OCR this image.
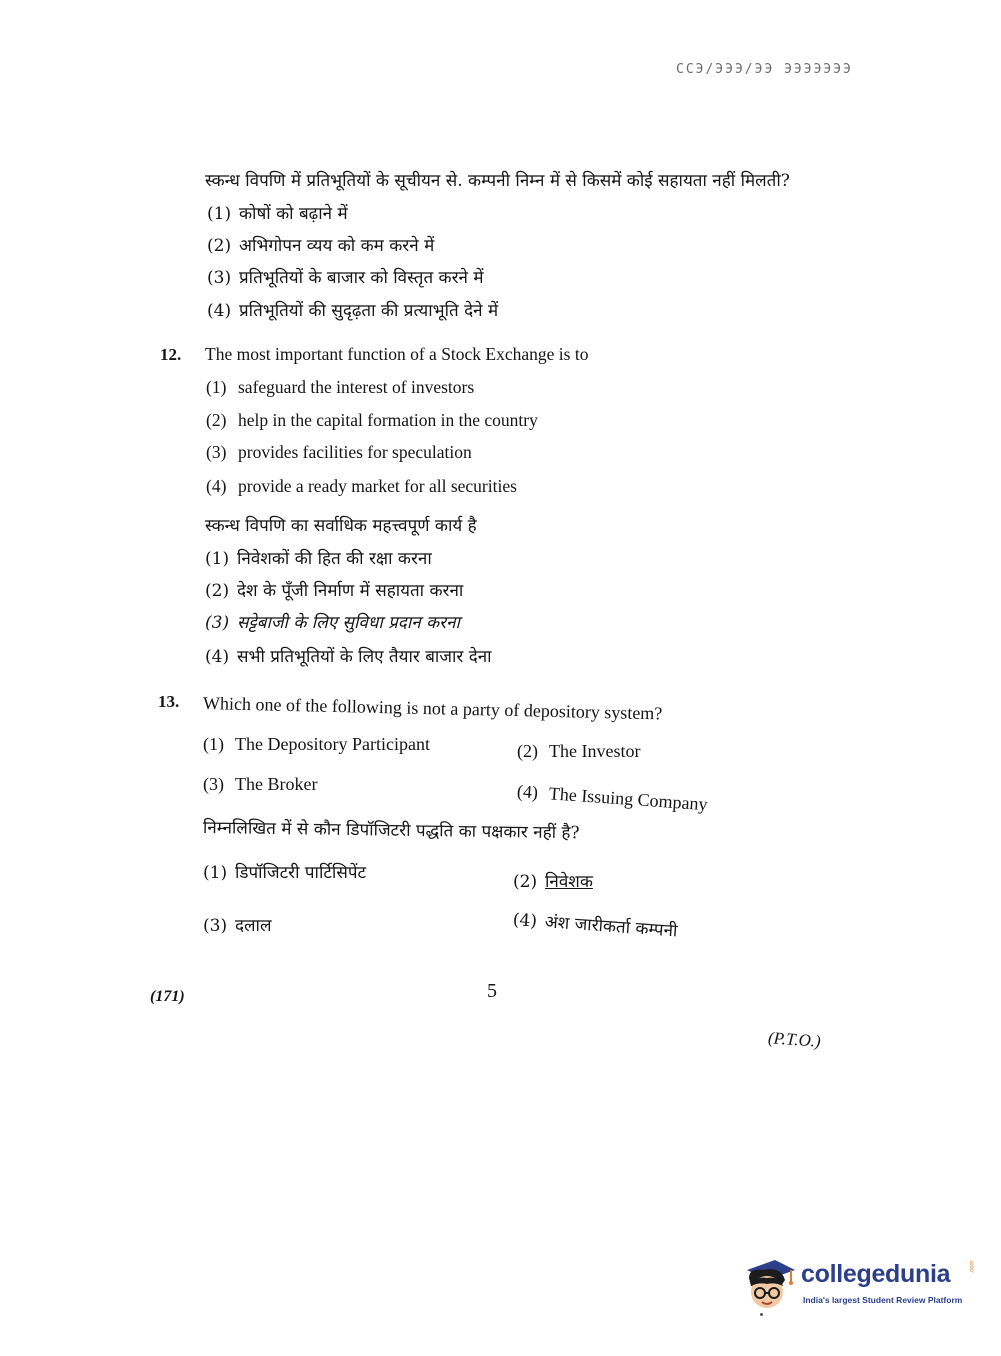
ССЭ/ЭЭЭ/ЭЭ ЭЭЭЭЭЭЭ
स्कन्ध विपणि में प्रतिभूतियों के सूचीयन से. कम्पनी निम्न में से किसमें कोई सहायता नहीं मिलती?
(1) कोषों को बढ़ाने में
(2) अभिगोपन व्यय को कम करने में
(3) प्रतिभूतियों के बाजार को विस्तृत करने में
(4) प्रतिभूतियों की सुदृढ़ता की प्रत्याभूति देने में
12. The most important function of a Stock Exchange is to
(1) safeguard the interest of investors
(2) help in the capital formation in the country
(3) provides facilities for speculation
(4) provide a ready market for all securities
स्कन्ध विपणि का सर्वाधिक महत्त्वपूर्ण कार्य है
(1) निवेशकों की हित की रक्षा करना
(2) देश के पूँजी निर्माण में सहायता करना
(3) सट्टेबाजी के लिए सुविधा प्रदान करना
(4) सभी प्रतिभूतियों के लिए तैयार बाजार देना
13. Which one of the following is not a party of depository system?
(1) The Depository Participant	(2) The Investor
(3) The Broker	(4) The Issuing Company
निम्नलिखित में से कौन डिपॉजिटरी पद्धति का पक्षकार नहीं है?
(1) डिपॉजिटरी पार्टिसिपेंट	(2) निवेशक
(3) दलाल	(4) अंश जारीकर्ता कम्पनी
(171)	5
(P.T.O.)
collegedunia	.com
India's largest Student Review Platform
